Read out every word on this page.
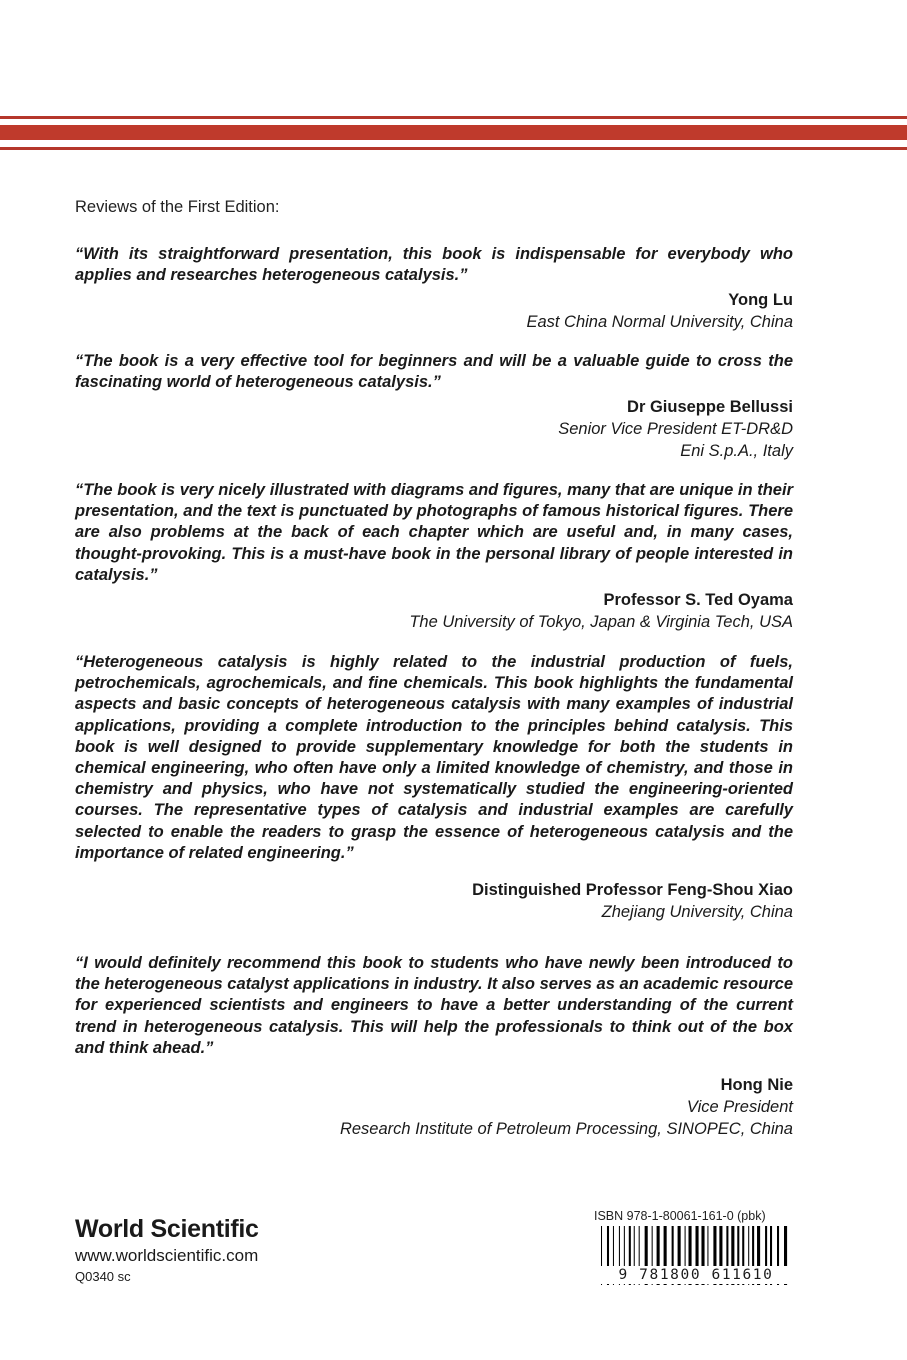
Reviews of the First Edition:

“With its straightforward presentation, this book is indispensable for everybody who applies and researches heterogeneous catalysis.”

Yong Lu
East China Normal University, China

“The book is a very effective tool for beginners and will be a valuable guide to cross the fascinating world of heterogeneous catalysis.”

Dr Giuseppe Bellussi
Senior Vice President ET-DR&D
Eni S.p.A., Italy

“The book is very nicely illustrated with diagrams and figures, many that are unique in their presentation, and the text is punctuated by photographs of famous historical figures. There are also problems at the back of each chapter which are useful and, in many cases, thought-provoking. This is a must-have book in the personal library of people interested in catalysis.”

Professor S. Ted Oyama
The University of Tokyo, Japan & Virginia Tech, USA

“Heterogeneous catalysis is highly related to the industrial production of fuels, petrochemicals, agrochemicals, and fine chemicals. This book highlights the fundamental aspects and basic concepts of heterogeneous catalysis with many examples of industrial applications, providing a complete introduction to the principles behind catalysis. This book is well designed to provide supplementary knowledge for both the students in chemical engineering, who often have only a limited knowledge of chemistry, and those in chemistry and physics, who have not systematically studied the engineering-oriented courses. The representative types of catalysis and industrial examples are carefully selected to enable the readers to grasp the essence of heterogeneous catalysis and the importance of related engineering.”

Distinguished Professor Feng-Shou Xiao
Zhejiang University, China

“I would definitely recommend this book to students who have newly been introduced to the heterogeneous catalyst applications in industry. It also serves as an academic resource for experienced scientists and engineers to have a better understanding of the current trend in heterogeneous catalysis. This will help the professionals to think out of the box and think ahead.”

Hong Nie
Vice President
Research Institute of Petroleum Processing, SINOPEC, China

World Scientific
www.worldscientific.com
Q0340 sc
ISBN 978-1-80061-161-0 (pbk)
9 781800 611610
